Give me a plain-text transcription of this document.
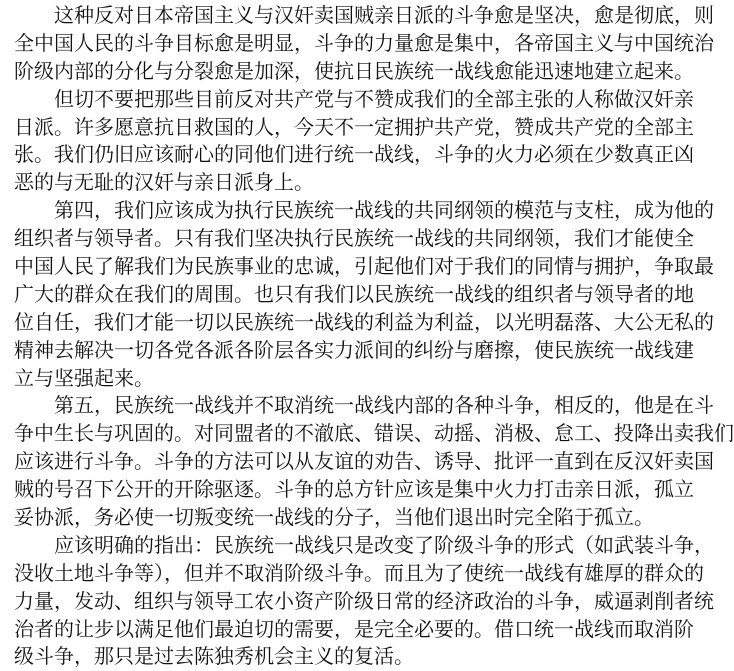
这种反对日本帝国主义与汉奸卖国贼亲日派的斗争愈是坚决，愈是彻底，则
全中国人民的斗争目标愈是明显，斗争的力量愈是集中，各帝国主义与中国统治
阶级内部的分化与分裂愈是加深，使抗日民族统一战线愈能迅速地建立起来。
但切不要把那些目前反对共产党与不赞成我们的全部主张的人称做汉奸亲
日派。许多愿意抗日救国的人，今天不一定拥护共产党，赞成共产党的全部主
张。我们仍旧应该耐心的同他们进行统一战线，斗争的火力必须在少数真正凶
恶的与无耻的汉奸与亲日派身上。
第四，我们应该成为执行民族统一战线的共同纲领的模范与支柱，成为他的
组织者与领导者。只有我们坚决执行民族统一战线的共同纲领，我们才能使全
中国人民了解我们为民族事业的忠诚，引起他们对于我们的同情与拥护，争取最
广大的群众在我们的周围。也只有我们以民族统一战线的组织者与领导者的地
位自任，我们才能一切以民族统一战线的利益为利益，以光明磊落、大公无私的
精神去解决一切各党各派各阶层各实力派间的纠纷与磨擦，使民族统一战线建
立与坚强起来。
第五，民族统一战线并不取消统一战线内部的各种斗争，相反的，他是在斗
争中生长与巩固的。对同盟者的不澈底、错误、动摇、消极、怠工、投降出卖我们
应该进行斗争。斗争的方法可以从友谊的劝告、诱导、批评一直到在反汉奸卖国
贼的号召下公开的开除驱逐。斗争的总方针应该是集中火力打击亲日派，孤立
妥协派，务必使一切叛变统一战线的分子，当他们退出时完全陷于孤立。
应该明确的指出：民族统一战线只是改变了阶级斗争的形式（如武装斗争，
没收土地斗争等），但并不取消阶级斗争。而且为了使统一战线有雄厚的群众的
力量，发动、组织与领导工农小资产阶级日常的经济政治的斗争，威逼剥削者统
治者的让步以满足他们最迫切的需要，是完全必要的。借口统一战线而取消阶
级斗争，那只是过去陈独秀机会主义的复活。
